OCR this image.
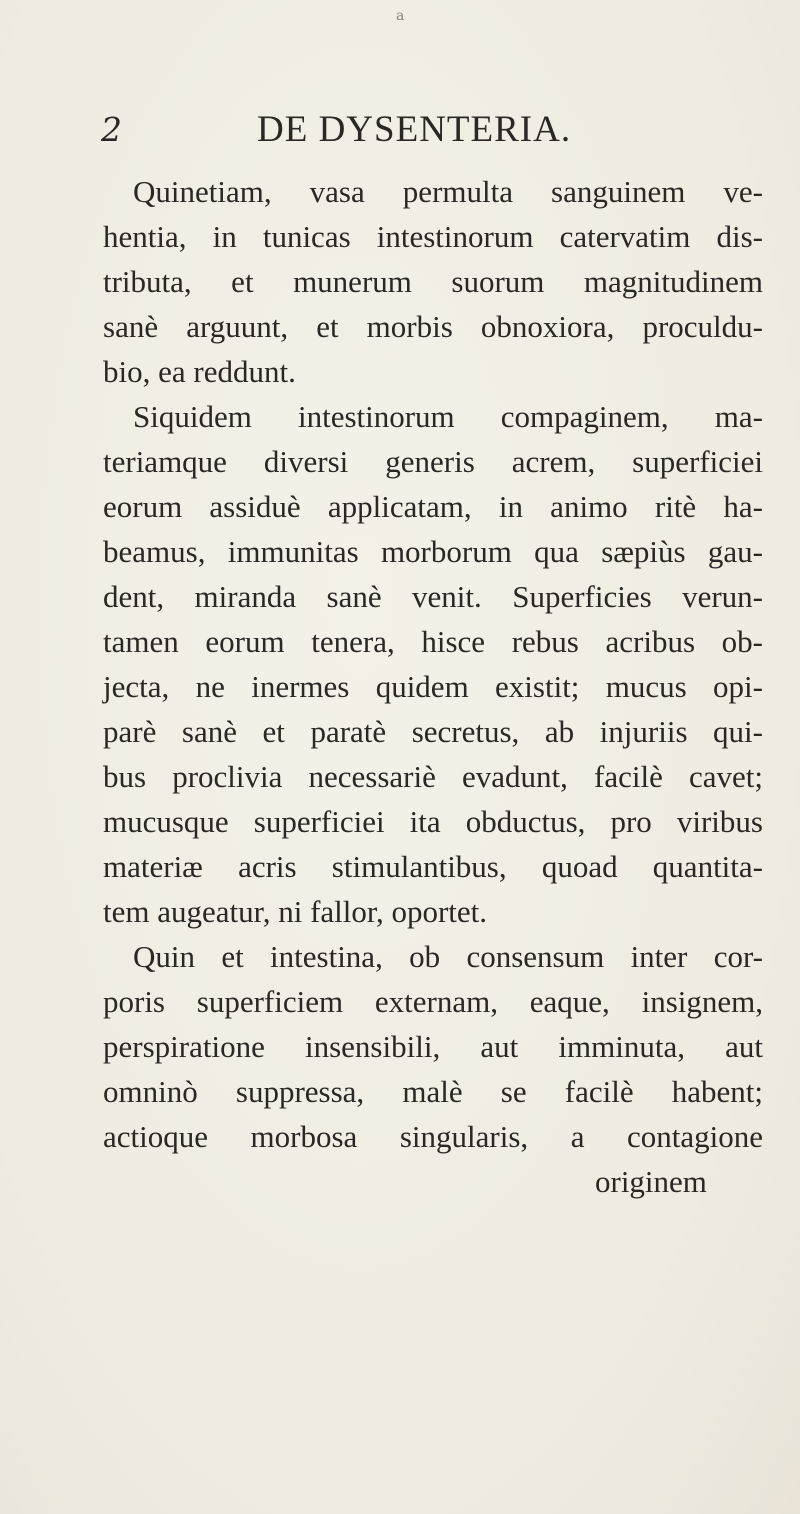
a
2	DE DYSENTERIA.
Quinetiam, vasa permulta sanguinem ve-
hentia, in tunicas intestinorum catervatim dis-
tributa, et munerum suorum magnitudinem
sanè arguunt, et morbis obnoxiora, proculdu-
bio, ea reddunt.
Siquidem intestinorum compaginem, ma-
teriamque diversi generis acrem, superficiei
eorum assiduè applicatam, in animo ritè ha-
beamus, immunitas morborum qua sæpiùs gau-
dent, miranda sanè venit. Superficies verun-
tamen eorum tenera, hisce rebus acribus ob-
jecta, ne inermes quidem existit; mucus opi-
parè sanè et paratè secretus, ab injuriis qui-
bus proclivia necessariè evadunt, facilè cavet;
mucusque superficiei ita obductus, pro viribus
materiæ acris stimulantibus, quoad quantita-
tem augeatur, ni fallor, oportet.
Quin et intestina, ob consensum inter cor-
poris superficiem externam, eaque, insignem,
perspiratione insensibili, aut imminuta, aut
omninò suppressa, malè se facilè habent;
actioque morbosa singularis, a contagione
originem
